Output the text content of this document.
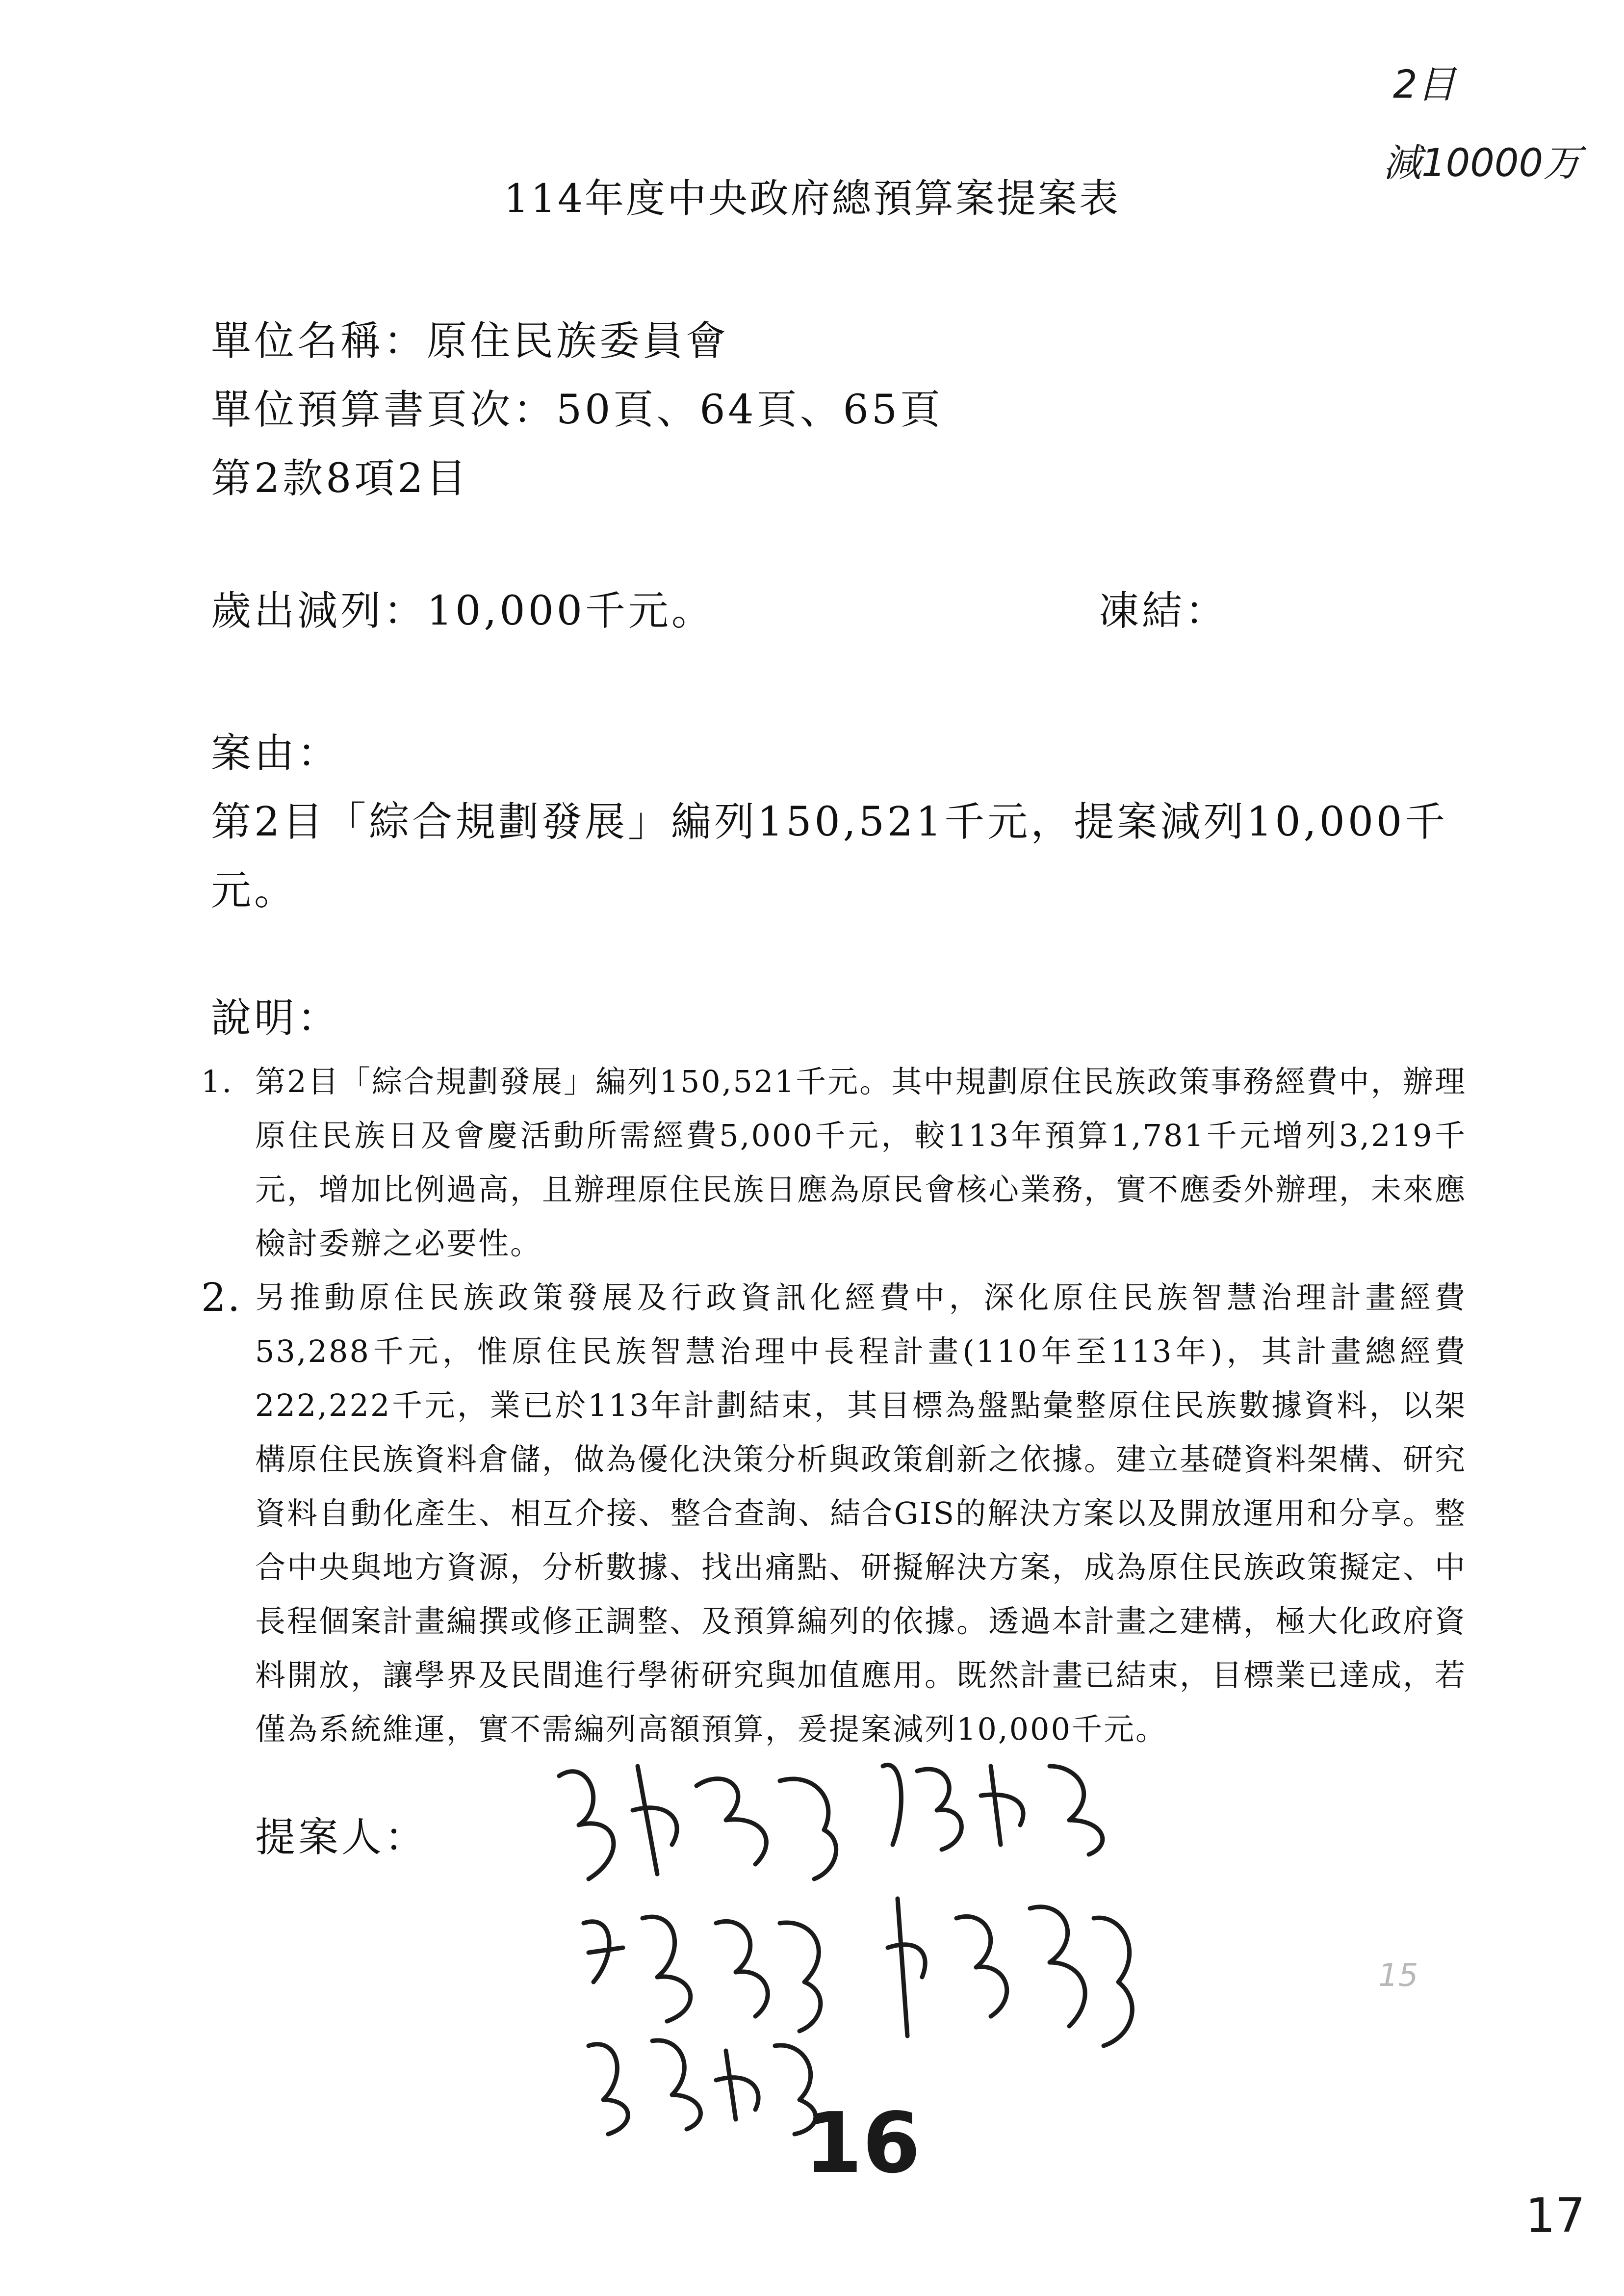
2目
減10000万
114年度中央政府總預算案提案表
單位名稱：原住民族委員會
單位預算書頁次：50頁、64頁、65頁
第2款8項2目
歲出減列：10,000千元。	凍結：
案由：
第2目「綜合規劃發展」編列150,521千元，提案減列10,000千
元。
說明：

1. 第2目「綜合規劃發展」編列150,521千元。其中規劃原住民族政策事務經費中，辦理原住民族日及會慶活動所需經費5,000千元，較113年預算1,781千元增列3,219千元，增加比例過高，且辦理原住民族日應為原民會核心業務，實不應委外辦理，未來應檢討委辦之必要性。

2. 另推動原住民族政策發展及行政資訊化經費中，深化原住民族智慧治理計畫經費53,288千元，惟原住民族智慧治理中長程計畫(110年至113年)，其計畫總經費222,222千元，業已於113年計劃結束，其目標為盤點彙整原住民族數據資料，以架構原住民族資料倉儲，做為優化決策分析與政策創新之依據。建立基礎資料架構、研究資料自動化產生、相互介接、整合查詢、結合GIS的解決方案以及開放運用和分享。整合中央與地方資源，分析數據、找出痛點、研擬解決方案，成為原住民族政策擬定、中長程個案計畫編撰或修正調整、及預算編列的依據。透過本計畫之建構，極大化政府資料開放，讓學界及民間進行學術研究與加值應用。既然計畫已結束，目標業已達成，若僅為系統維運，實不需編列高額預算，爰提案減列10,000千元。

提案人：
15
16
17
